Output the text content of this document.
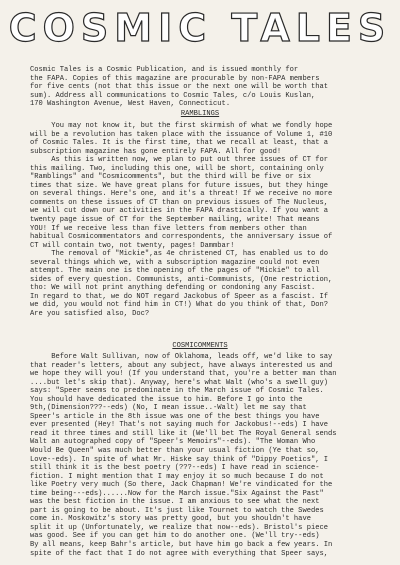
COSMIC TALES
Cosmic Tales is a Cosmic Publication, and is issued monthly for
the FAPA. Copies of this magazine are procurable by non-FAPA members
for five cents (not that this issue or the next one will be worth that
sum). Address all communications to Cosmic Tales, c/o Louis Kuslan,
170 Washington Avenue, West Haven, Connecticut.
RAMBLINGS
You may not know it, but the first skirmish of what we fondly hope
will be a revolution has taken place with the issuance of Volume 1, #10
of Cosmic Tales. It is the first time, that we recall at least, that a
subscription magazine has gone entirely FAPA. All for good!
As this is written now, we plan to put out three issues of CT for
this mailing. Two, including this one, will be short, containing only
"Ramblings" and "Cosmicomments", but the third will be five or six
times that size. We have great plans for future issues, but they hinge
on several things. Here's one, and it's a threat! If we receive no more
comments on these issues of CT than on previous issues of The Nucleus,
we will cut down our activities in the FAPA drastically. If you want a
twenty page issue of CT for the September mailing, write! That means
YOU! If we receive less than five letters from members other than
habitual Cosmicommentators and correspondents, the anniversary issue of
CT will contain two, not twenty, pages! Dammbar!
The removal of "Mickie",as 4e christened CT, has enabled us to do
several things which we, with a subscription magazine could not even
attempt. The main one is the opening of the pages of "Mickie" to all
sides of every question. Communists, anti-Communists, (One restriction,
tho: We will not print anything defending or condoning any Fascist.
In regard to that, we do NOT regard Jackobus of Speer as a fascist. If
we did, you would not find him in CT!) What do you think of that, Don?
Are you satisfied also, Doc?
COSMICOMMENTS
Before Walt Sullivan, now of Oklahoma, leads off, we'd like to say
that reader's letters, about any subject, have always interested us and
we hope they will you! (If you understand that, you're a better man than
....but let's skip that). Anyway, here's what Walt (who's a swell guy)
says: "Speer seems to predominate in the March issue of Cosmic Tales.
You should have dedicated the issue to him. Before I go into the
9th,(Dimension???--eds) (No, I mean issue..-Walt) let me say that
Speer's article in the 8th issue was one of the best things you have
ever presented (Hey! That's not saying much for Jackobus!--eds) I have
read it three times and still like it (We'll bet The Royal General sends
Walt an autographed copy of "Speer's Memoirs"--eds). "The Woman Who
Would Be Queen" was much better than your usual fiction (Ye that so,
Love--eds). In spite of what Mr. Hiske say think of "Dippy Poetics", I
still think it is the best poetry (???--eds) I have read in science-
fiction. I might mention that I may enjoy it so much because I do not
like Poetry very much (So there, Jack Chapman! We're vindicated for the
time being---eds)......Now for the March issue."Six Against the Past"
was the best fiction in the issue. I am anxious to see what the next
part is going to be about. It's just like Tournet to watch the Swedes
come in. Moskowitz's story was pretty good, but you shouldn't have
split it up (Unfortunately, we realize that now--eds). Bristol's piece
was good. See if you can get him to do another one. (We'll try--eds)
By all means, keep Bahr's article, but have him go back a few years. In
spite of the fact that I do not agree with everything that Speer says,
